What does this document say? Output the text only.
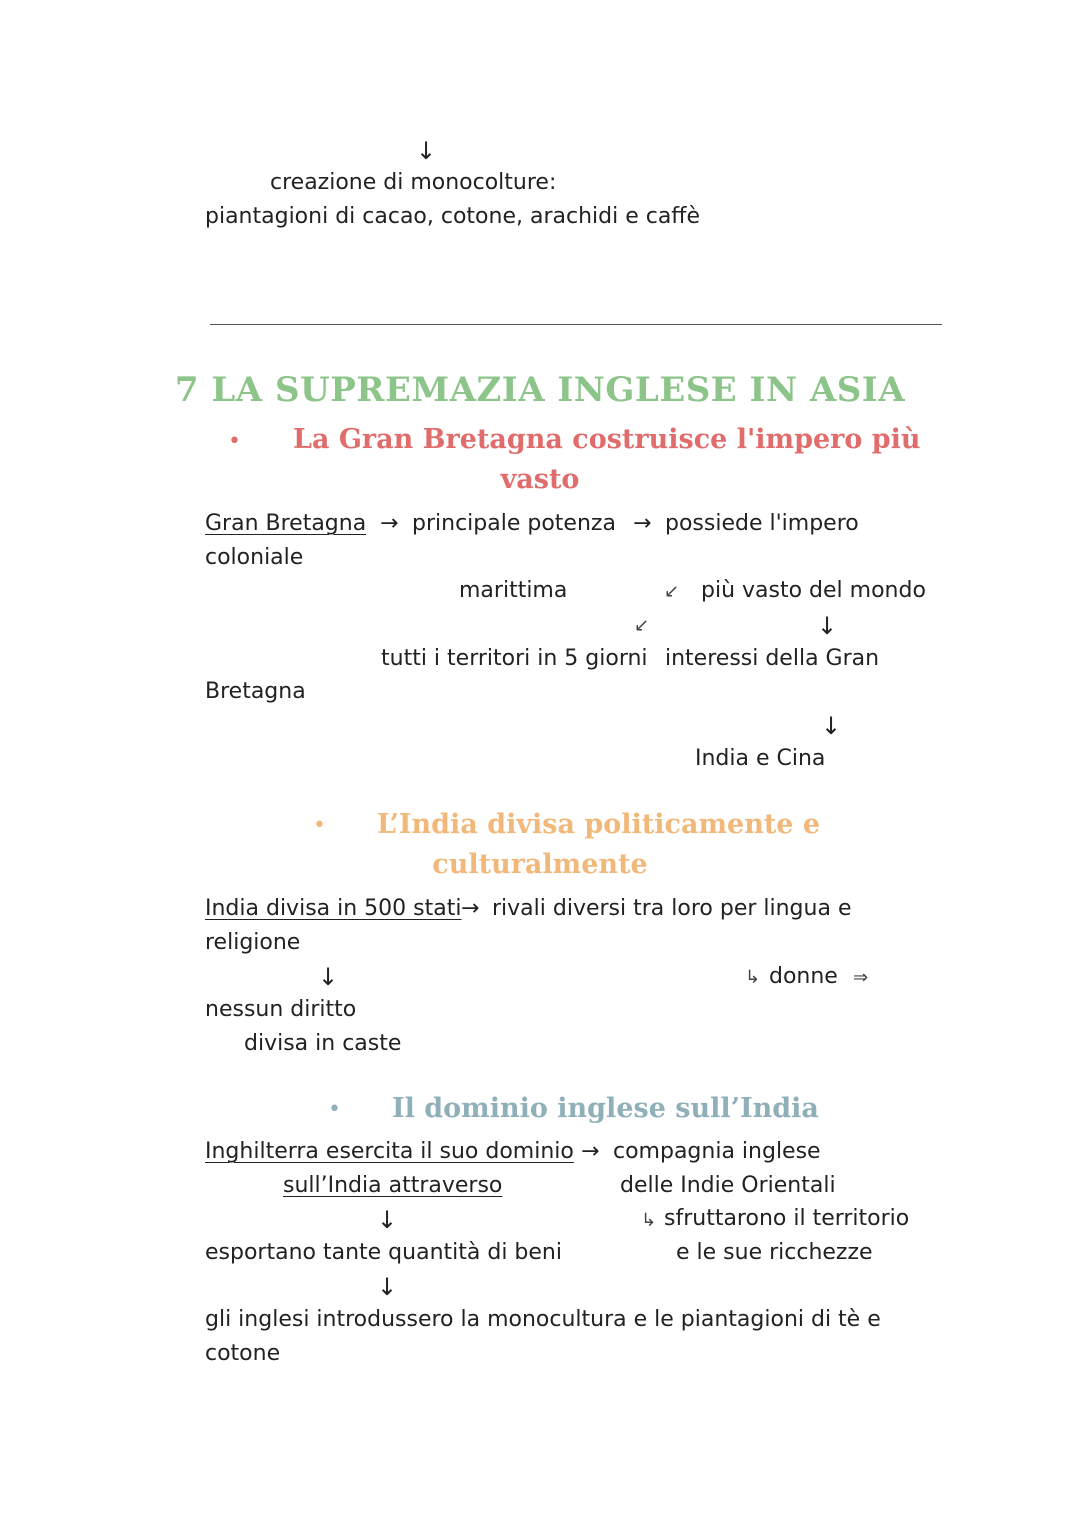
↓
creazione di monocolture:
piantagioni di cacao, cotone, arachidi e caffè
7 LA SUPREMAZIA INGLESE IN ASIA
• La Gran Bretagna costruisce l'impero più
vasto
Gran Bretagna → principale potenza → possiede l'impero
coloniale
marittima	↙ più vasto del mondo
↙	↓
tutti i territori in 5 giorni interessi della Gran
Bretagna
↓
India e Cina
• L’India divisa politicamente e
culturalmente
India divisa in 500 stati → rivali diversi tra loro per lingua e
religione
↓	↳ donne ⇒
nessun diritto
divisa in caste
• Il dominio inglese sull’India
Inghilterra esercita il suo dominio → compagnia inglese
sull’India attraverso	delle Indie Orientali
↓	↳ sfruttarono il territorio
esportano tante quantità di beni	e le sue ricchezze
↓
gli inglesi introdussero la monocultura e le piantagioni di tè e
cotone
